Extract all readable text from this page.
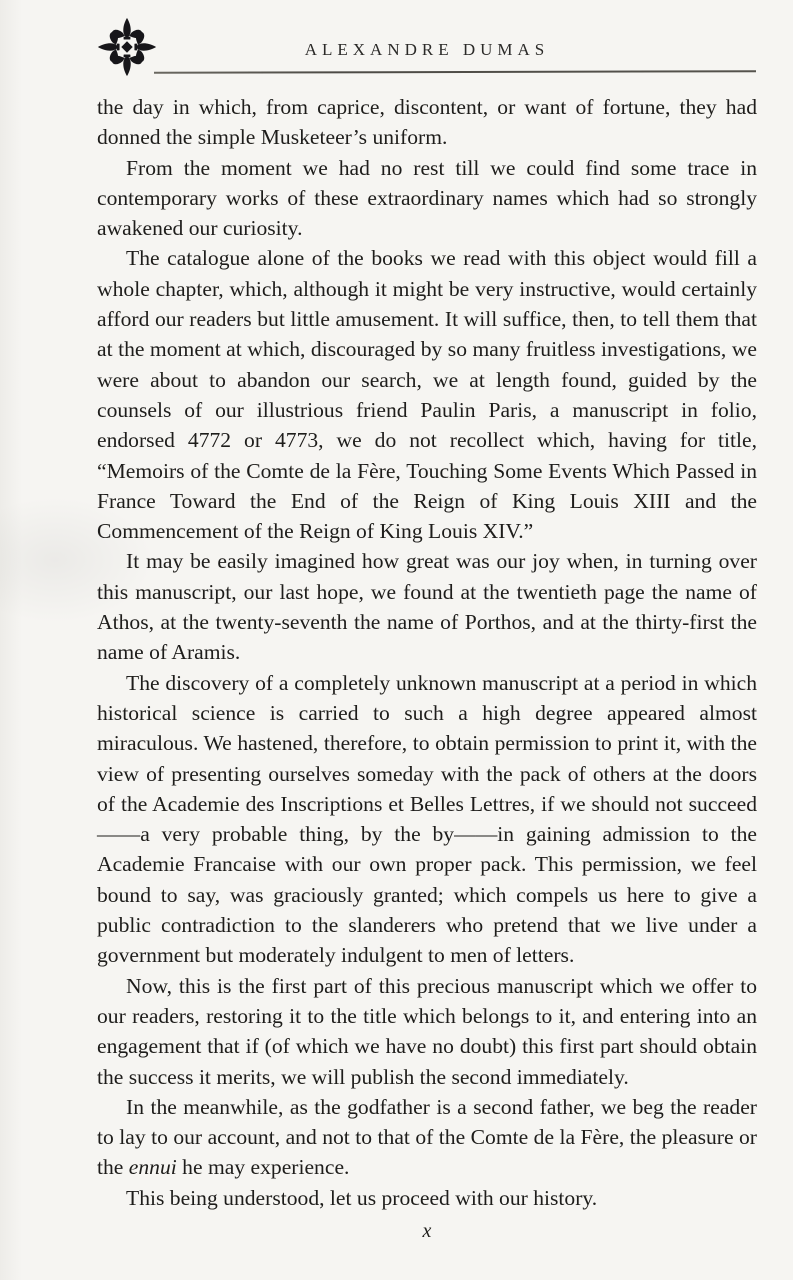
ALEXANDRE DUMAS

the day in which, from caprice, discontent, or want of fortune, they had donned the simple Musketeer’s uniform.

From the moment we had no rest till we could find some trace in contemporary works of these extraordinary names which had so strongly awakened our curiosity.

The catalogue alone of the books we read with this object would fill a whole chapter, which, although it might be very instructive, would certainly afford our readers but little amusement. It will suffice, then, to tell them that at the moment at which, discouraged by so many fruitless investigations, we were about to abandon our search, we at length found, guided by the counsels of our illustrious friend Paulin Paris, a manuscript in folio, endorsed 4772 or 4773, we do not recollect which, having for title, “Memoirs of the Comte de la Fère, Touching Some Events Which Passed in France Toward the End of the Reign of King Louis XIII and the Commencement of the Reign of King Louis XIV.”

It may be easily imagined how great was our joy when, in turning over this manuscript, our last hope, we found at the twentieth page the name of Athos, at the twenty-seventh the name of Porthos, and at the thirty-first the name of Aramis.

The discovery of a completely unknown manuscript at a period in which historical science is carried to such a high degree appeared almost miraculous. We hastened, therefore, to obtain permission to print it, with the view of presenting ourselves someday with the pack of others at the doors of the Academie des Inscriptions et Belles Lettres, if we should not succeed——a very probable thing, by the by——in gaining admission to the Academie Francaise with our own proper pack. This permission, we feel bound to say, was graciously granted; which compels us here to give a public contradiction to the slanderers who pretend that we live under a government but moderately indulgent to men of letters.

Now, this is the first part of this precious manuscript which we offer to our readers, restoring it to the title which belongs to it, and entering into an engagement that if (of which we have no doubt) this first part should obtain the success it merits, we will publish the second immediately.

In the meanwhile, as the godfather is a second father, we beg the reader to lay to our account, and not to that of the Comte de la Fère, the pleasure or the ennui he may experience.

This being understood, let us proceed with our history.

x
